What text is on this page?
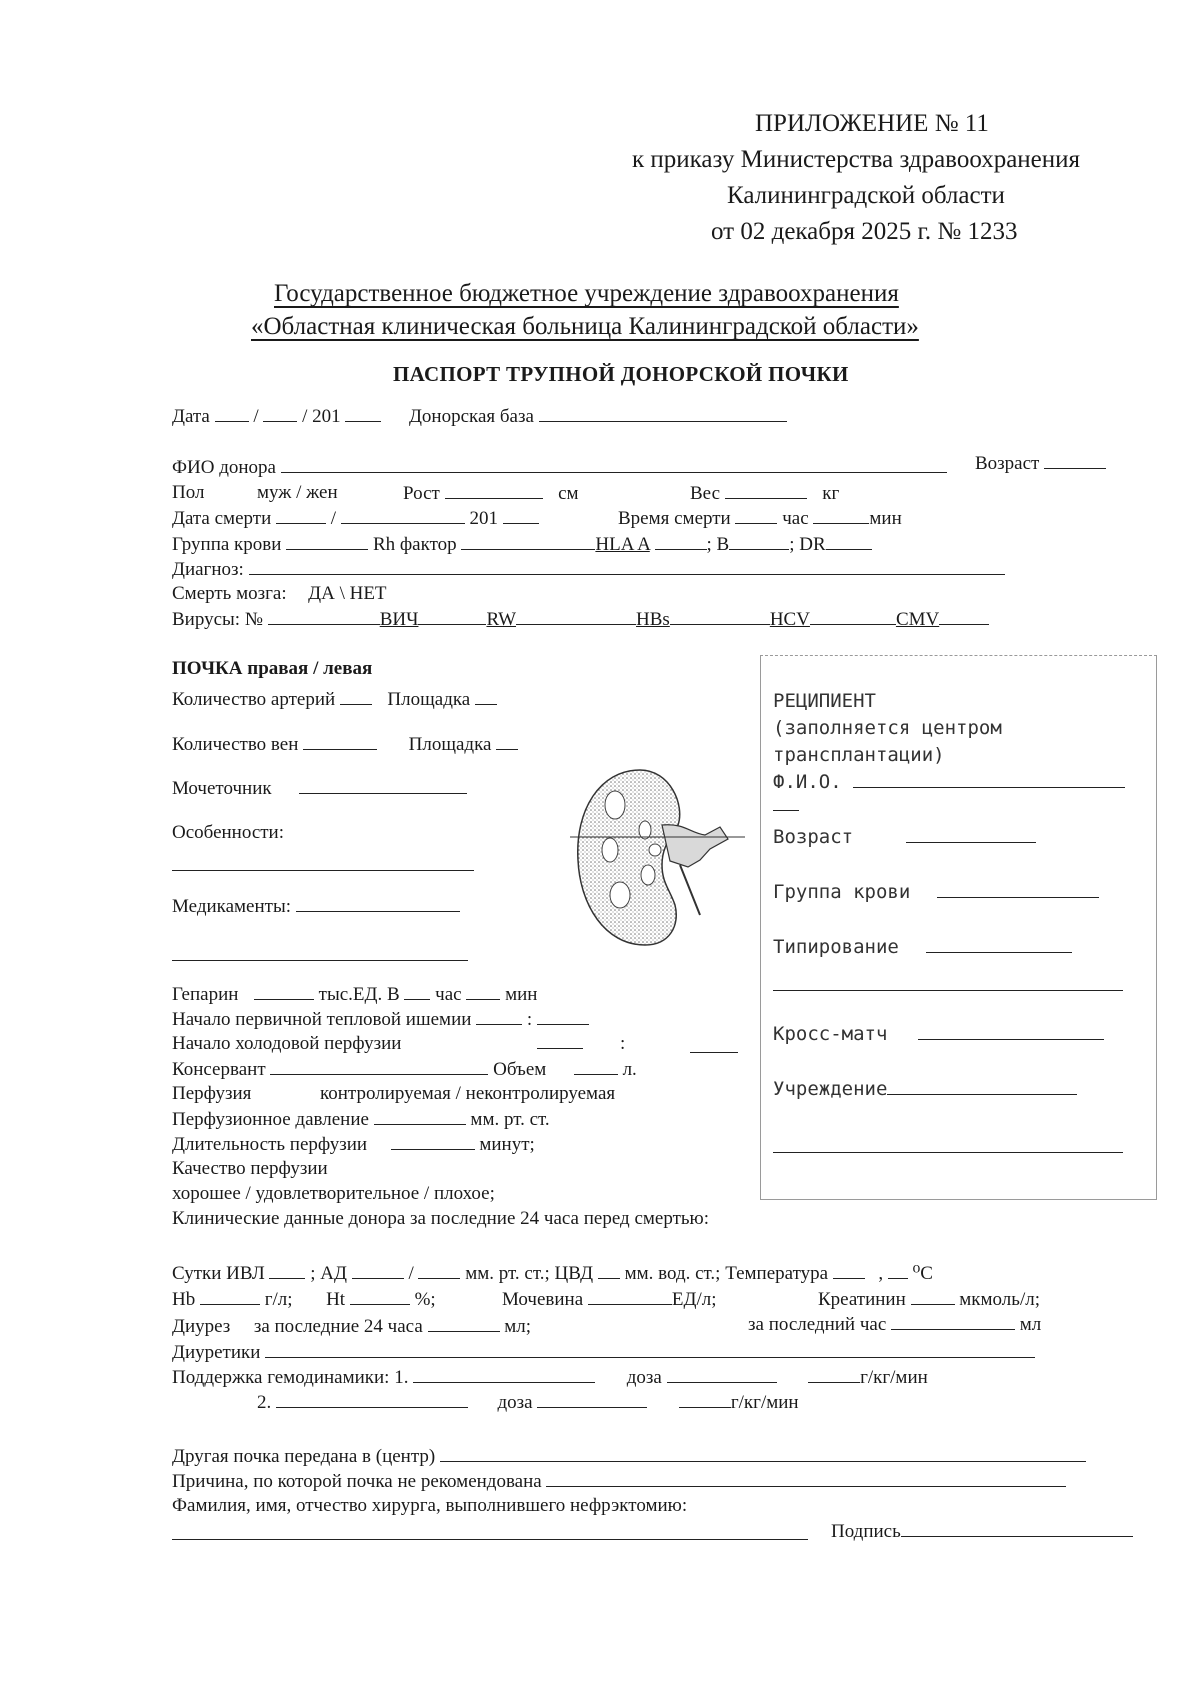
ПРИЛОЖЕНИЕ № 11
к приказу Министерства здравоохранения
Калининградской области
от 02 декабря 2025 г. № 1233
Государственное бюджетное учреждение здравоохранения
«Областная клиническая больница Калининградской области»
ПАСПОРТ ТРУПНОЙ ДОНОРСКОЙ ПОЧКИ
Дата / / 201	Донорская база
ФИО донора	Возраст
Пол	муж / жен	Рост	см	Вес	кг
Дата смерти	/	201	Время смерти	час	мин
Группа крови	Rh фактор	HLA A	; B	; DR
Диагноз:
Смерть мозга: ДА \ НЕТ
Вирусы: №	ВИЧ	RW	HBs	HCV	CMV
ПОЧКА правая / левая
Количество артерий	Площадка
Количество вен	Площадка
Мочеточник
Особенности:
Медикаменты:
Гепарин	тыс.ЕД. В час мин
Начало первичной тепловой ишемии	:
Начало холодовой перфузии	:
Консервант	Объем	л.
Перфузия	контролируемая / неконтролируемая
Перфузионное давление	мм. рт. ст.
Длительность перфузии	минут;
Качество перфузии
хорошее / удовлетворительное / плохое;
РЕЦИПИЕНТ
(заполняется центром
трансплантации)
Ф.И.О.
Возраст
Группа крови
Типирование
Кросс-матч
Учреждение
Клинические данные донора за последние 24 часа перед смертью:
Сутки ИВЛ ; АД	/	мм. рт. ст.; ЦВД мм. вод. ст.; Температура	, ⁰С
Hb	г/л; Ht	%;	Мочевина	ЕД/л;	Креатинин	мкмоль/л;
Диурез за последние 24 часа	мл;	за последний час	мл
Диуретики
Поддержка гемодинамики: 1.	доза	г/кг/мин
2.	доза	г/кг/мин
Другая почка передана в (центр)
Причина, по которой почка не рекомендована
Фамилия, имя, отчество хирурга, выполнившего нефрэктомию:
Подпись
